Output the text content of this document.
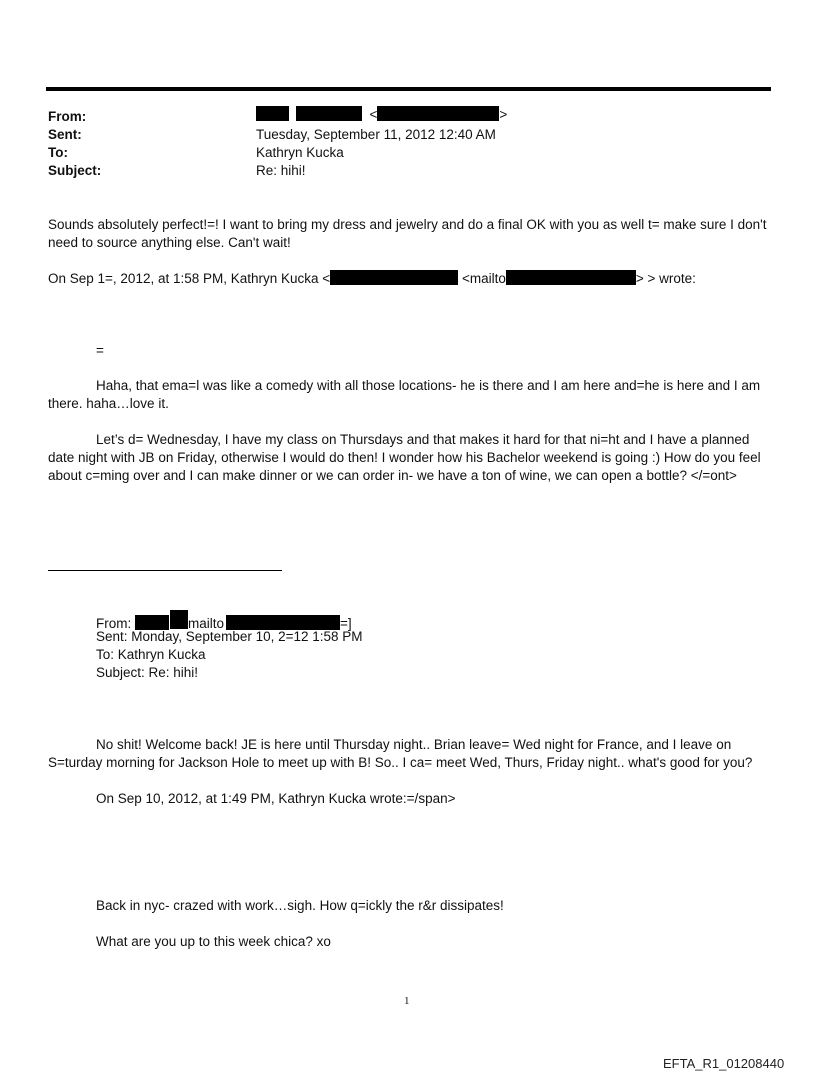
From:	<	>
Sent:	Tuesday, September 11, 2012 12:40 AM
To:	Kathryn Kucka
Subject:	Re: hihi!
Sounds absolutely perfect!=! I want to bring my dress and jewelry and do a final OK with you as well t= make sure I don't need to source anything else. Can't wait!
On Sep 1=, 2012, at 1:58 PM, Kathryn Kucka <	<mailto	> > wrote:
=
Haha, that ema=l was like a comedy with all those locations- he is there and I am here and=he is here and I am there. haha…love it.
Let’s d= Wednesday, I have my class on Thursdays and that makes it hard for that ni=ht and I have a planned date night with JB on Friday, otherwise I would do then! I wonder how his Bachelor weekend is going :) How do you feel about c=ming over and I can make dinner or we can order in- we have a ton of wine, we can open a bottle? </=ont>
From:	mailto	=]
Sent: Monday, September 10, 2=12 1:58 PM
To: Kathryn Kucka
Subject: Re: hihi!
No shit! Welcome back! JE is here until Thursday night.. Brian leave= Wed night for France, and I leave on S=turday morning for Jackson Hole to meet up with B! So.. I ca= meet Wed, Thurs, Friday night.. what's good for you?
On Sep 10, 2012, at 1:49 PM, Kathryn Kucka wrote:=/span>
Back in nyc- crazed with work…sigh. How q=ickly the r&r dissipates!
What are you up to this week chica? xo
1
EFTA_R1_01208440
